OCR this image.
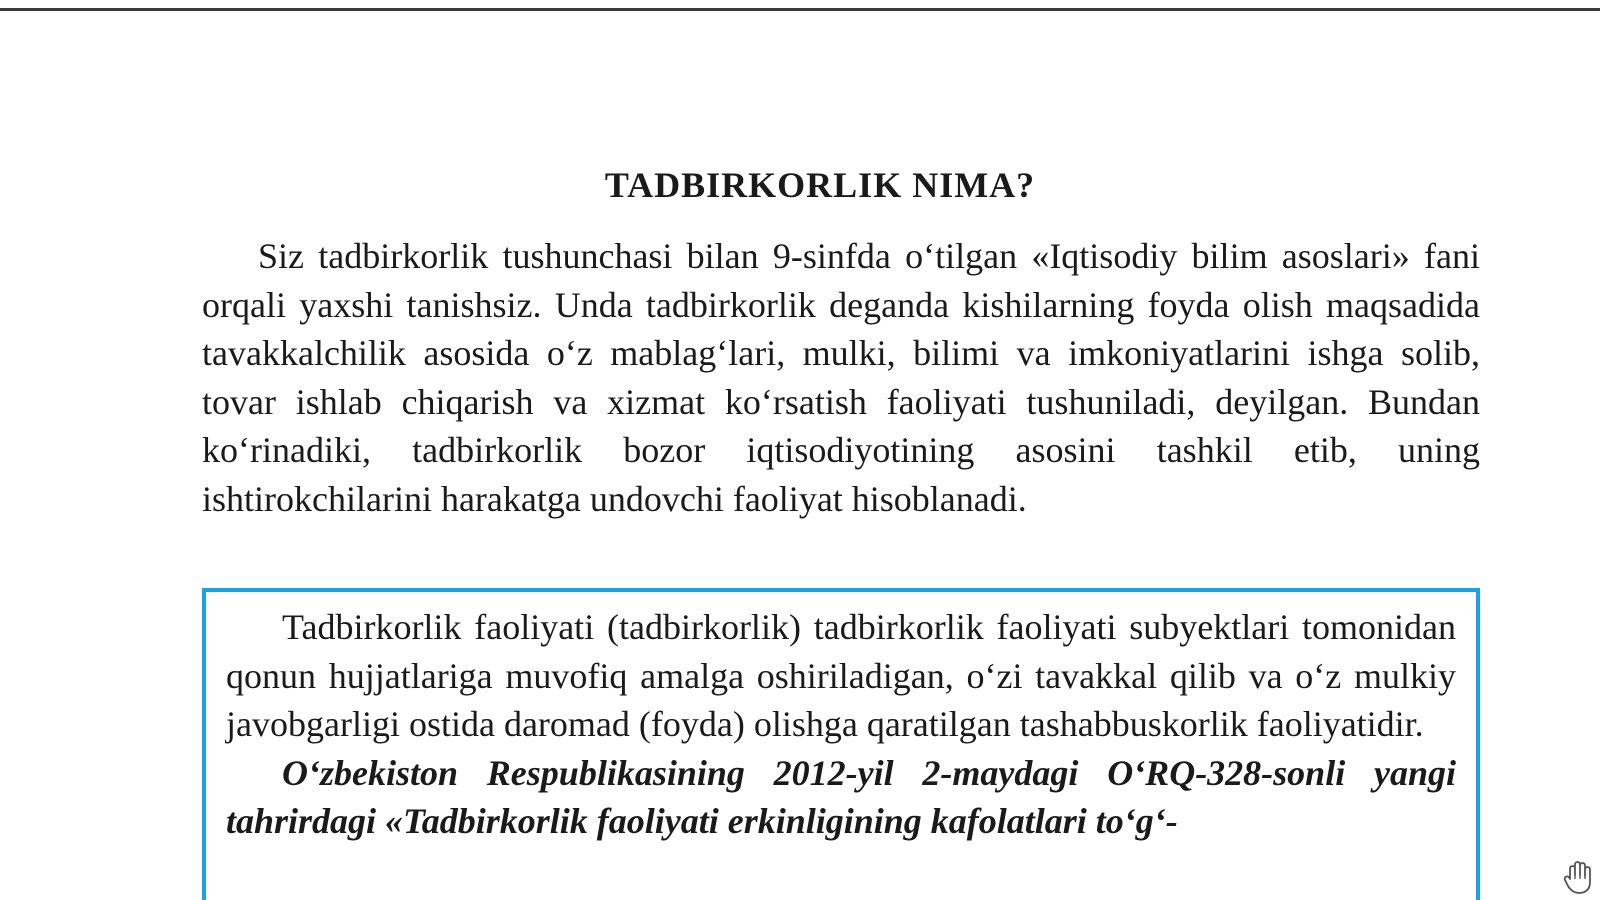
TADBIRKORLIK NIMA?

Siz tadbirkorlik tushunchasi bilan 9-sinfda o‘tilgan «Iqtisodiy bilim asoslari» fani orqali yaxshi tanishsiz. Unda tadbirkorlik deganda kishilarning foyda olish maqsadida tavakkalchilik asosida o‘z mablag‘lari, mulki, bilimi va imkoniyatlarini ishga solib, tovar ishlab chiqarish va xizmat ko‘rsatish faoliyati tushuniladi, deyilgan. Bundan ko‘rinadiki, tadbirkorlik bozor iqtisodiyotining asosini tashkil etib, uning ishtirokchilarini harakatga undovchi faoliyat hisoblanadi.

Tadbirkorlik faoliyati (tadbirkorlik) tadbirkorlik faoliyati subyektlari tomonidan qonun hujjatlariga muvofiq amalga oshiriladigan, o‘zi tavakkal qilib va o‘z mulkiy javobgarligi ostida daromad (foyda) olishga qaratilgan tashabbuskorlik faoliyatidir.

O‘zbekiston Respublikasining 2012-yil 2-maydagi O‘RQ-328-sonli yangi tahrirdagi «Tadbirkorlik faoliyati erkinligining kafolatlari to‘g‘-
